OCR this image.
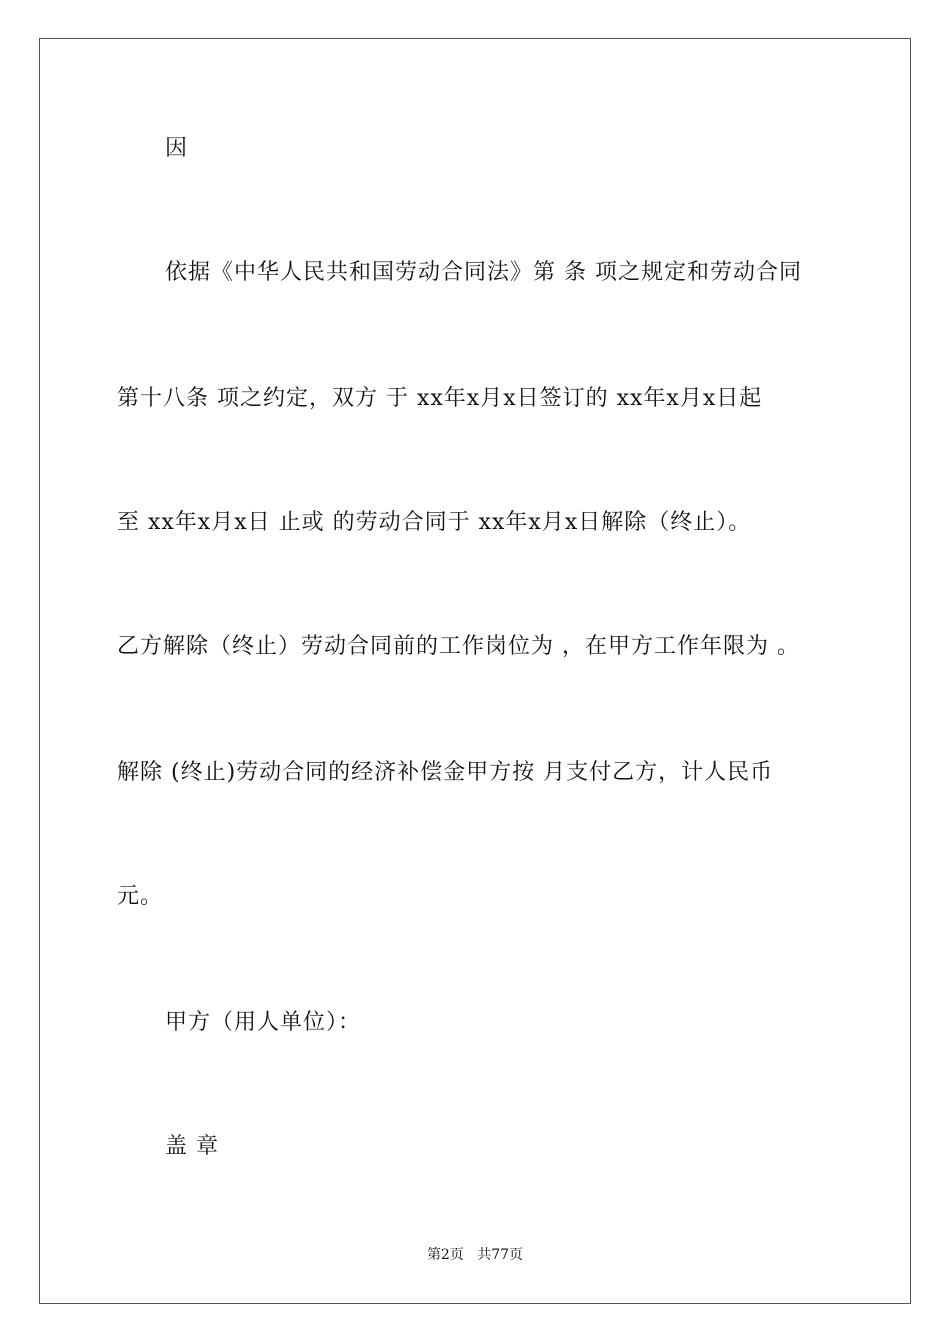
因
依据《中华人民共和国劳动合同法》第 条 项之规定和劳动合同
第十八条 项之约定，双方 于 xx年x月x日签订的 xx年x月x日起
至 xx年x月x日 止或 的劳动合同于 xx年x月x日解除（终止）。
乙方解除（终止）劳动合同前的工作岗位为 ，在甲方工作年限为 。
解除 (终止)劳动合同的经济补偿金甲方按 月支付乙方，计人民币
元。
甲方（用人单位）：
盖 章
第2页 共77页
